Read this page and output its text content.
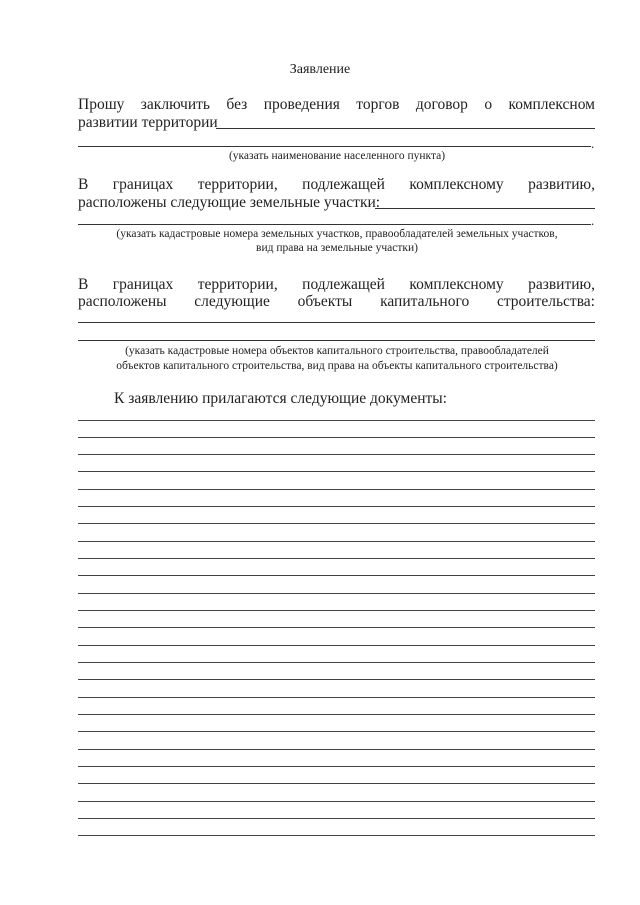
Заявление
Прошу заключить без проведения торгов договор о комплексном
развитии территории
.
(указать наименование населенного пункта)
В границах территории, подлежащей комплексному развитию,
расположены следующие земельные участки:
.
(указать кадастровые номера земельных участков, правообладателей земельных участков,
вид права на земельные участки)
В границах территории, подлежащей комплексному развитию,
расположены следующие объекты капитального строительства:
(указать кадастровые номера объектов капитального строительства, правообладателей
объектов капитального строительства, вид права на объекты капитального строительства)
К заявлению прилагаются следующие документы:
